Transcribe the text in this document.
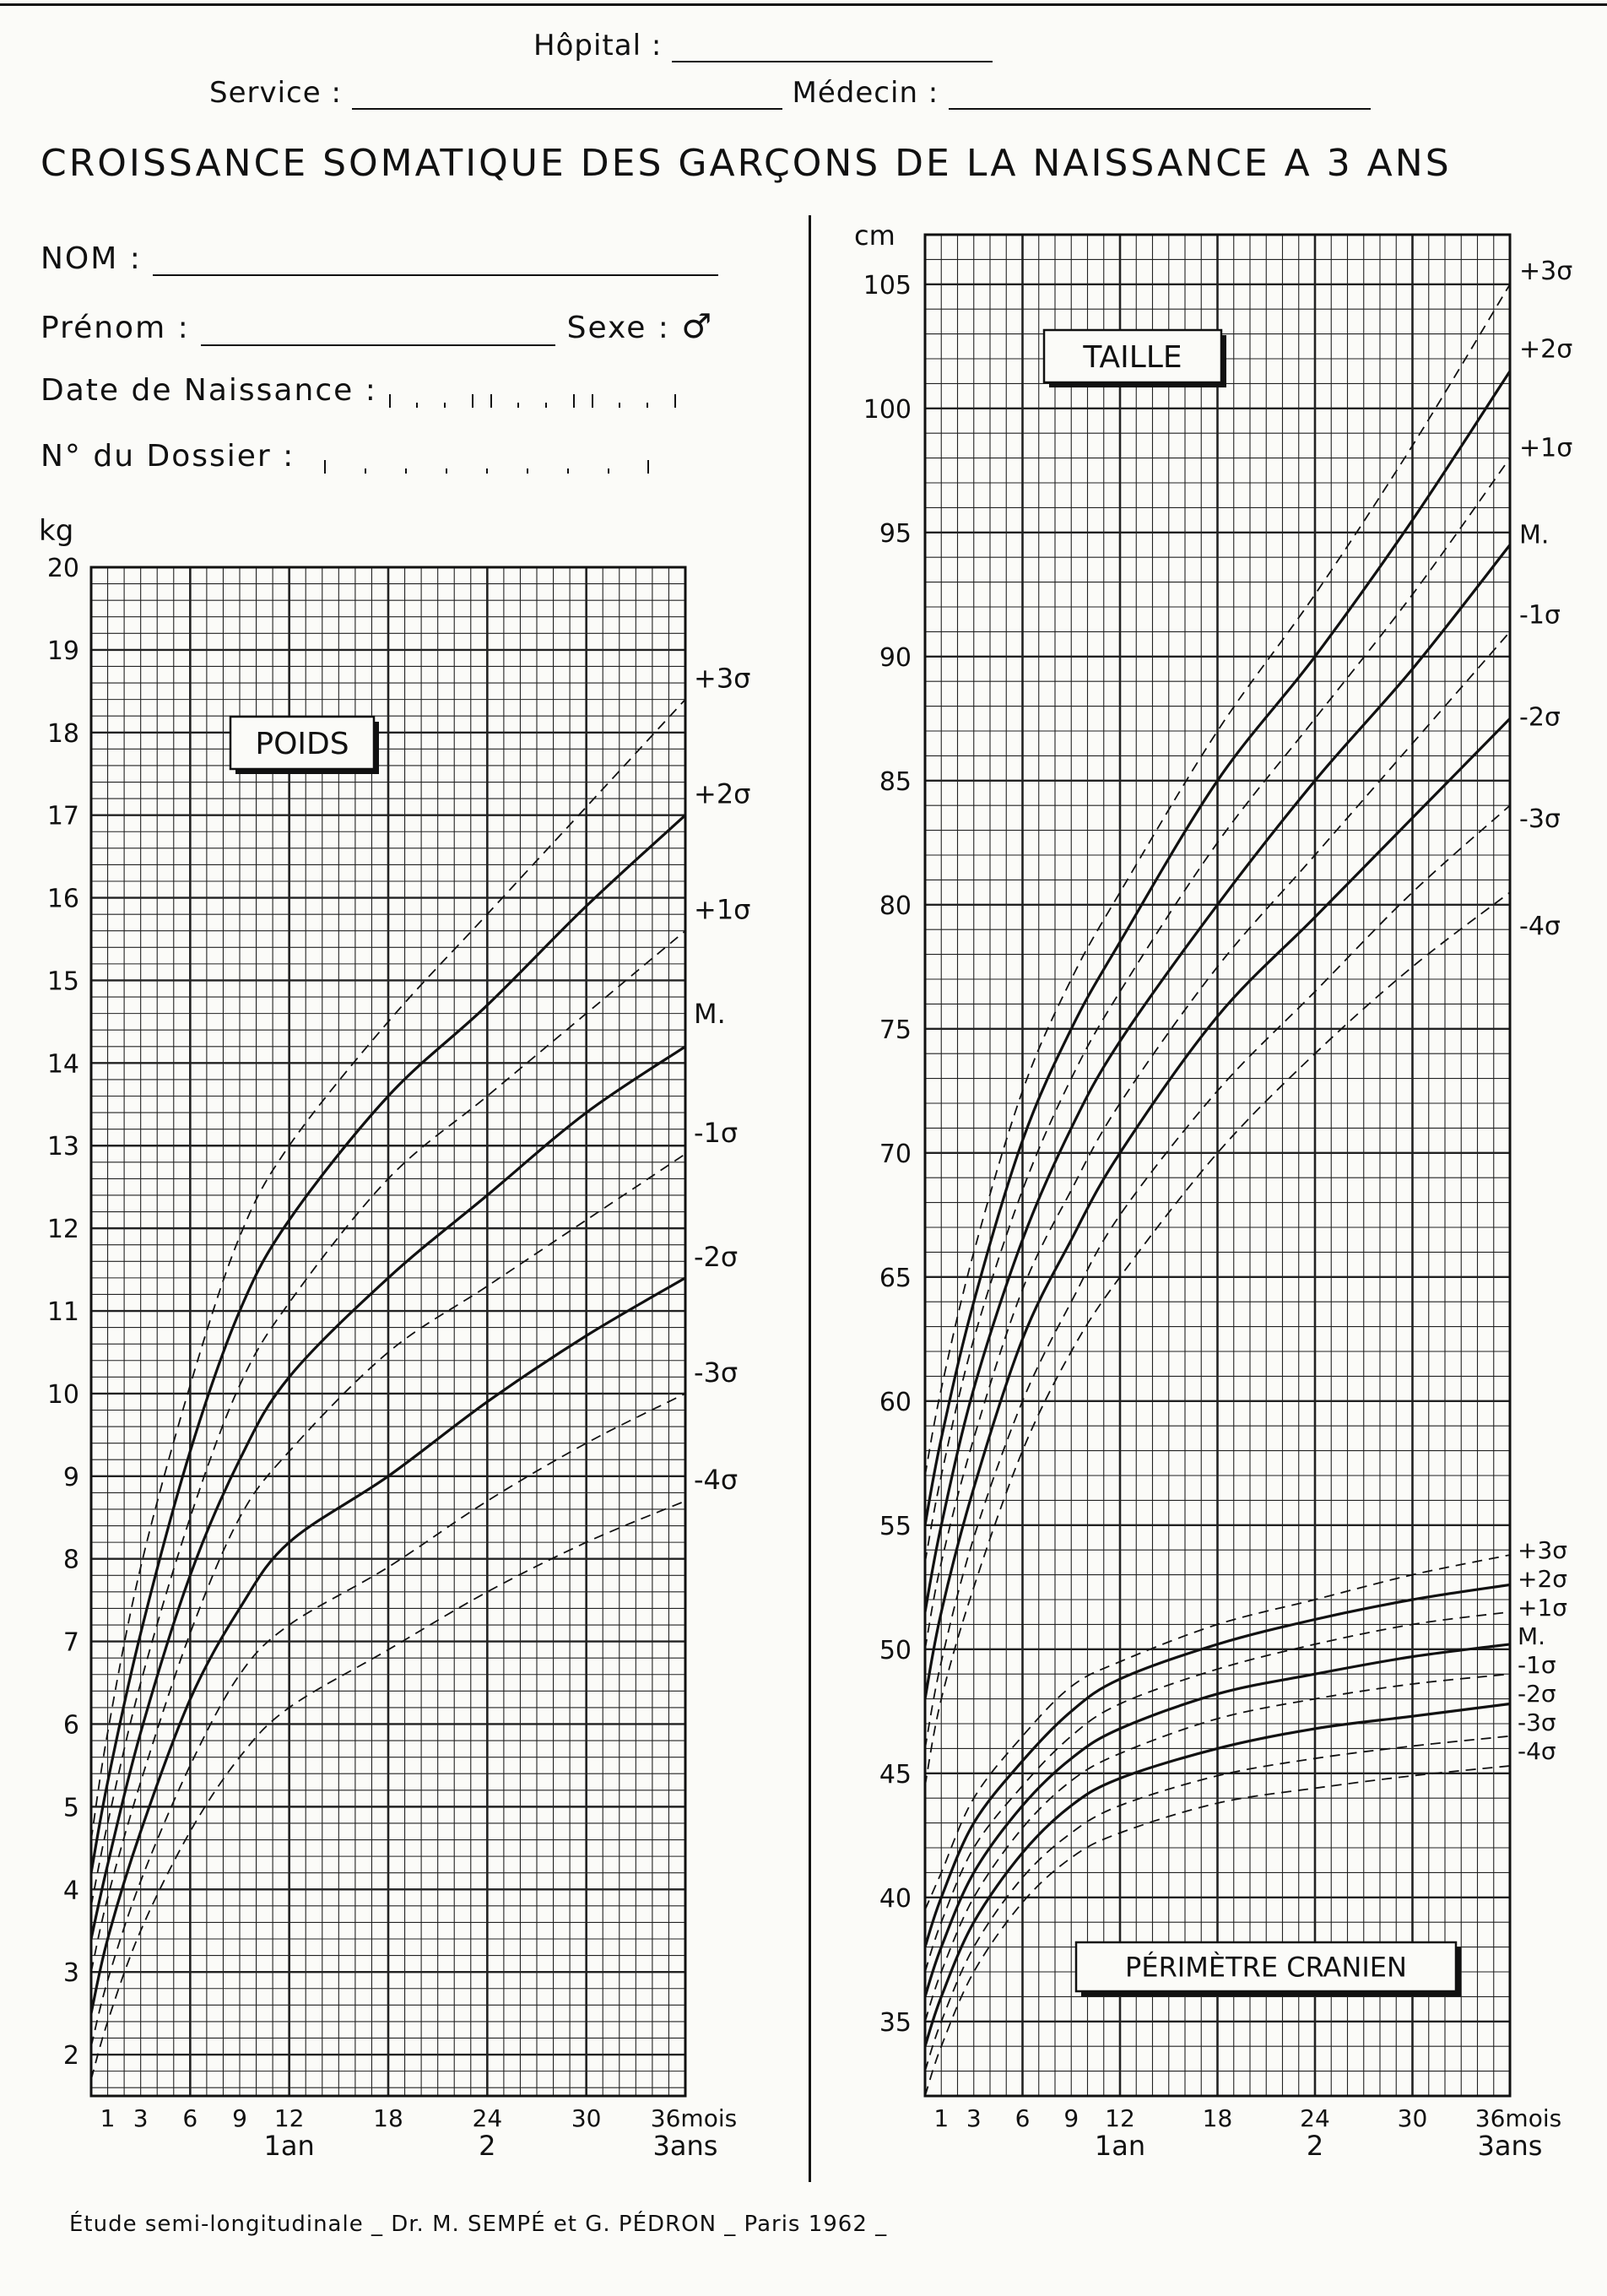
Hôpital :
Service :	Médecin :
CROISSANCE SOMATIQUE DES GARÇONS DE LA NAISSANCE A 3 ANS
NOM :
Prénom :	Sexe : ♂
Date de Naissance :
N° du Dossier :
2
3
4
5
6
7
8
9
10
11
12
13
14
15
16
17
18
19
20
kg
+3σ
+2σ
+1σ
M.
-1σ
-2σ
-3σ
-4σ
1 3 6 9 12	18	24	30 36mois
1an	2	3ans
POIDS
35
40
45
50
55
60
65
70
75
80
85
90
95
100
105
cm
+3σ
+2σ
+1σ
M.
-1σ
-2σ
-3σ
-4σ
+3σ
+2σ
+1σ
M.
-1σ
-2σ
-3σ
-4σ
1 3 6 9 12	18	24	30 36mois
1an	2	3ans
TAILLE
PÉRIMÈTRE CRANIEN
Étude semi-longitudinale _ Dr. M. SEMPÉ et G. PÉDRON _ Paris 1962 _
